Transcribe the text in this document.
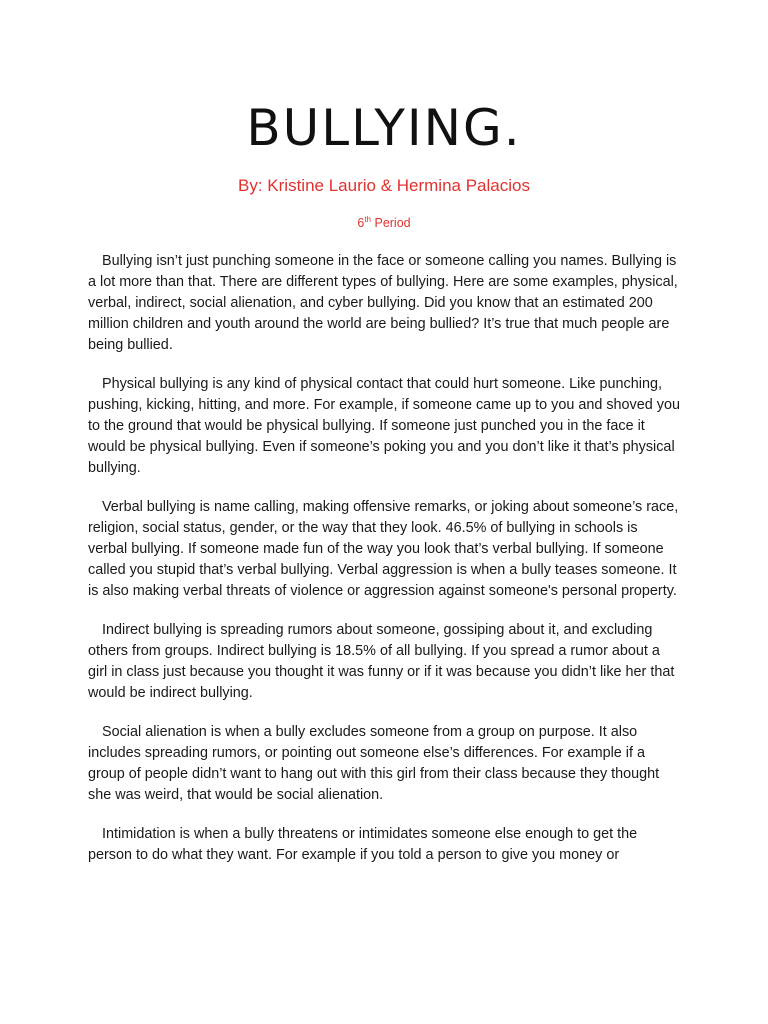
BULLYING.

By: Kristine Laurio & Hermina Palacios

6th Period

Bullying isn’t just punching someone in the face or someone calling you names. Bullying is a lot more than that. There are different types of bullying. Here are some examples, physical, verbal, indirect, social alienation, and cyber bullying. Did you know that an estimated 200 million children and youth around the world are being bullied? It’s true that much people are being bullied.

Physical bullying is any kind of physical contact that could hurt someone. Like punching, pushing, kicking, hitting, and more. For example, if someone came up to you and shoved you to the ground that would be physical bullying. If someone just punched you in the face it would be physical bullying. Even if someone’s poking you and you don’t like it that’s physical bullying.

Verbal bullying is name calling, making offensive remarks, or joking about someone’s race, religion, social status, gender, or the way that they look. 46.5% of bullying in schools is verbal bullying. If someone made fun of the way you look that’s verbal bullying. If someone called you stupid that’s verbal bullying. Verbal aggression is when a bully teases someone. It is also making verbal threats of violence or aggression against someone's personal property.

Indirect bullying is spreading rumors about someone, gossiping about it, and excluding others from groups. Indirect bullying is 18.5% of all bullying. If you spread a rumor about a girl in class just because you thought it was funny or if it was because you didn’t like her that would be indirect bullying.

Social alienation is when a bully excludes someone from a group on purpose. It also includes spreading rumors, or pointing out someone else’s differences. For example if a group of people didn’t want to hang out with this girl from their class because they thought she was weird, that would be social alienation.

Intimidation is when a bully threatens or intimidates someone else enough to get the person to do what they want. For example if you told a person to give you money or
